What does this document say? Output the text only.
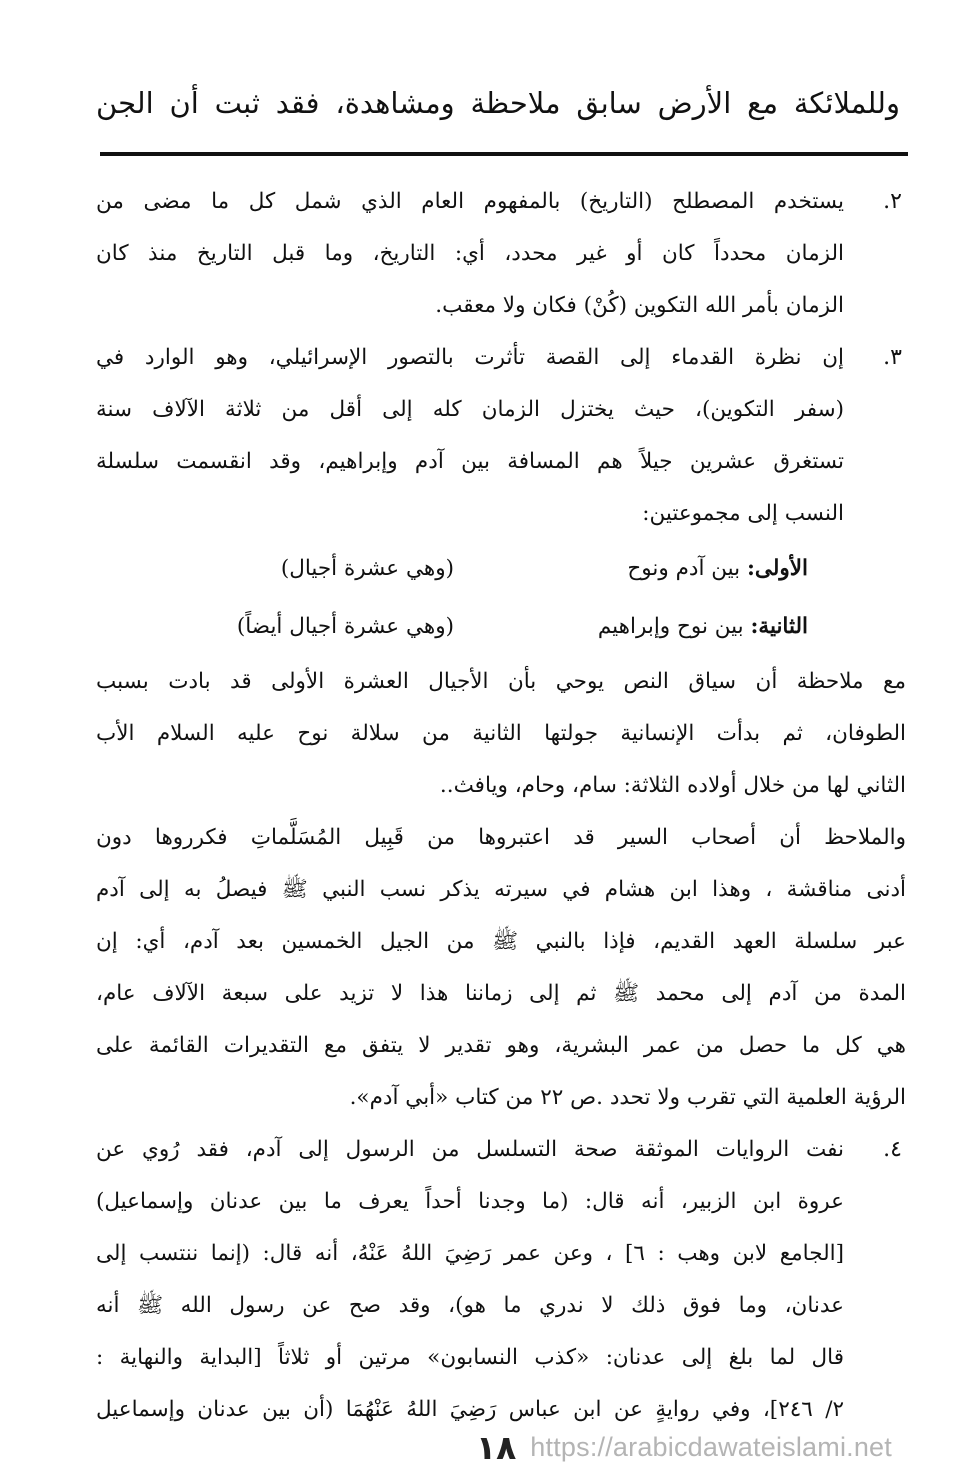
وللملائكة مع الأرض سابق ملاحظة ومشاهدة، فقد ثبت أن الجن
٢.
يستخدم المصطلح (التاريخ) بالمفهوم العام الذي شمل كل ما مضى من
الزمان محدداً كان أو غير محدد، أي: التاريخ، وما قبل التاريخ منذ كان
الزمان بأمر الله التكوين (كُنْ) فكان ولا معقب.
٣.
إن نظرة القدماء إلى القصة تأثرت بالتصور الإسرائيلي، وهو الوارد في
(سفر التكوين)، حيث يختزل الزمان كله إلى أقل من ثلاثة الآلاف سنة
تستغرق عشرين جيلاً هم المسافة بين آدم وإبراهيم، وقد انقسمت سلسلة
النسب إلى مجموعتين:
الأولى: بين آدم ونوح
(وهي عشرة أجيال)
الثانية: بين نوح وإبراهيم
(وهي عشرة أجيال أيضاً)
مع ملاحظة أن سياق النص يوحي بأن الأجيال العشرة الأولى قد بادت بسبب
الطوفان، ثم بدأت الإنسانية جولتها الثانية من سلالة نوح عليه السلام الأب
الثاني لها من خلال أولاده الثلاثة: سام، وحام، ويافث..
والملاحظ أن أصحاب السير قد اعتبروها من قَبِيل المُسَلَّماتِ فكرروها دون
أدنى مناقشة ، وهذا ابن هشام في سيرته يذكر نسب النبي ﷺ فيصلُ به إلى آدم
عبر سلسلة العهد القديم، فإذا بالنبي ﷺ من الجيل الخمسين بعد آدم، أي: إن
المدة من آدم إلى محمد ﷺ ثم إلى زماننا هذا لا تزيد على سبعة الآلاف عام،
هي كل ما حصل من عمر البشرية، وهو تقدير لا يتفق مع التقديرات القائمة على
الرؤية العلمية التي تقرب ولا تحدد .ص ٢٢ من كتاب «أبي آدم».
٤.
نفت الروايات الموثقة صحة التسلسل من الرسول إلى آدم، فقد رُوي عن
عروة ابن الزبير، أنه قال: (ما وجدنا أحداً يعرف ما بين عدنان وإسماعيل)
[الجامع لابن وهب : ٦] ، وعن عمر رَضِيَ اللهُ عَنْهُ، أنه قال: (إنما ننتسب إلى
عدنان، وما فوق ذلك لا ندري ما هو)، وقد صح عن رسول الله ﷺ أنه
قال لما بلغ إلى عدنان: «كذب النسابون» مرتين أو ثلاثاً [البداية والنهاية :
٢/ ٢٤٦]، وفي روايةٍ عن ابن عباس رَضِيَ اللهُ عَنْهُمَا (أن بين عدنان وإسماعيل
١٨ https://arabicdawateislami.net
